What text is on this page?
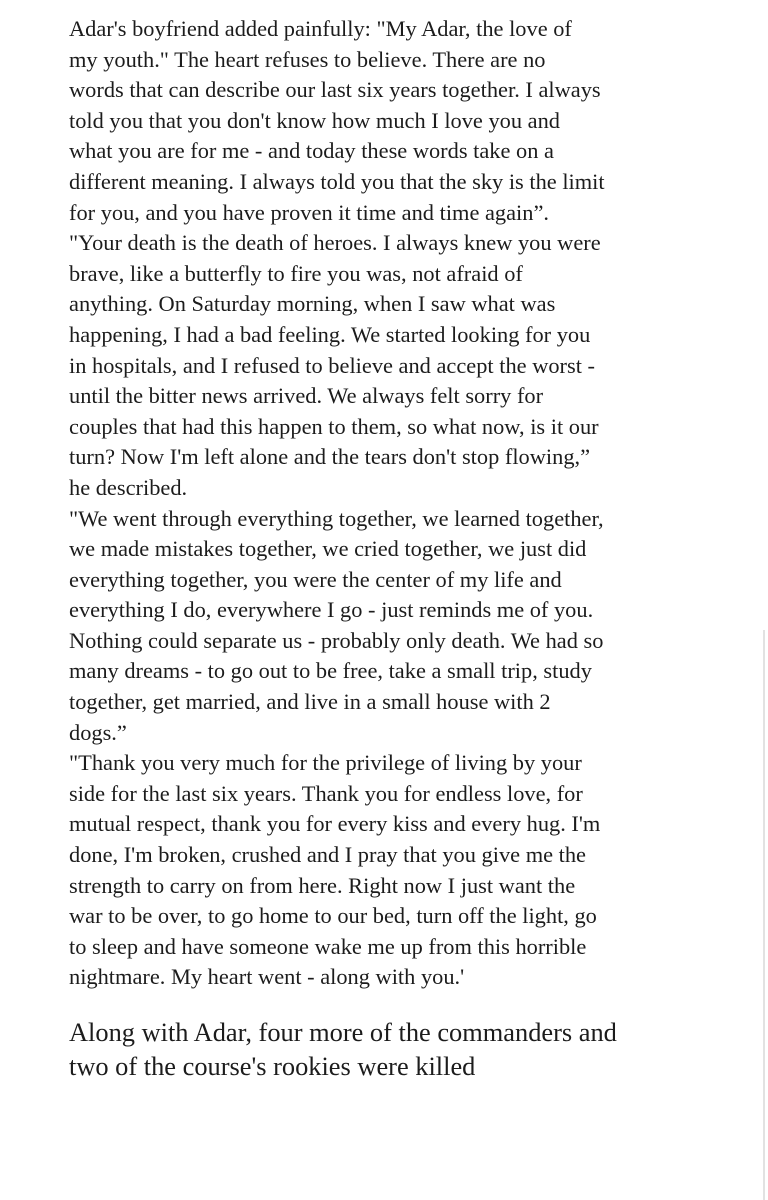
Adar's boyfriend added painfully: "My Adar, the love of
my youth." The heart refuses to believe. There are no
words that can describe our last six years together. I always
told you that you don't know how much I love you and
what you are for me - and today these words take on a
different meaning. I always told you that the sky is the limit
for you, and you have proven it time and time again”.
"Your death is the death of heroes. I always knew you were
brave, like a butterfly to fire you was, not afraid of
anything. On Saturday morning, when I saw what was
happening, I had a bad feeling. We started looking for you
in hospitals, and I refused to believe and accept the worst -
until the bitter news arrived. We always felt sorry for
couples that had this happen to them, so what now, is it our
turn? Now I'm left alone and the tears don't stop flowing,”
he described.
"We went through everything together, we learned together,
we made mistakes together, we cried together, we just did
everything together, you were the center of my life and
everything I do, everywhere I go - just reminds me of you.
Nothing could separate us - probably only death. We had so
many dreams - to go out to be free, take a small trip, study
together, get married, and live in a small house with 2
dogs.”
"Thank you very much for the privilege of living by your
side for the last six years. Thank you for endless love, for
mutual respect, thank you for every kiss and every hug. I'm
done, I'm broken, crushed and I pray that you give me the
strength to carry on from here. Right now I just want the
war to be over, to go home to our bed, turn off the light, go
to sleep and have someone wake me up from this horrible
nightmare. My heart went - along with you.'
Along with Adar, four more of the commanders and
two of the course's rookies were killed
